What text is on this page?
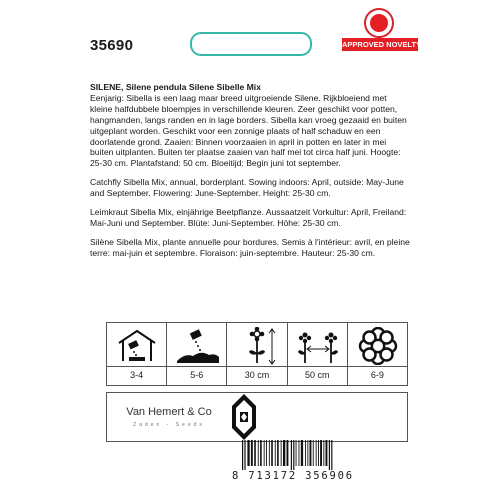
35690	APPROVED NOVELTY

SILENE, Silene pendula Silene Sibelle Mix

Eenjarig: Sibella is een laag maar breed uitgroeiende Silene. Rijkbloeiend met kleine halfdubbele bloempjes in verschillende kleuren. Zeer geschikt voor potten, hangmanden, langs randen en in lage borders. Sibella kan vroeg gezaaid en buiten uitgeplant worden. Geschikt voor een zonnige plaats of half schaduw en een doorlatende grond. Zaaien: Binnen voorzaaien in april in potten en later in mei buiten uitplanten. Buiten ter plaatse zaaien van half mei tot circa half juni. Hoogte: 25-30 cm. Plantafstand: 50 cm. Bloeitijd: Begin juni tot september.

Catchfly Sibella Mix, annual, borderplant. Sowing indoors: April, outside: May-June and September. Flowering: June-September. Height: 25-30 cm.

Leimkraut Sibella Mix, einjährige Beetpflanze. Aussaatzeit Vorkultur: April, Freiland: Mai-Juni und September. Blüte: Juni-September. Höhe: 25-30 cm.

Silène Sibella Mix, plante annuelle pour bordures. Semis à l'intérieur: avril, en pleine terre: mai-juin et septembre. Floraison: juin-septembre. Hauteur: 25-30 cm.

3-4	5-6	30 cm	50 cm	6-9
Van Hemert & Co
Zaden - Seeds
8 713172 356906
